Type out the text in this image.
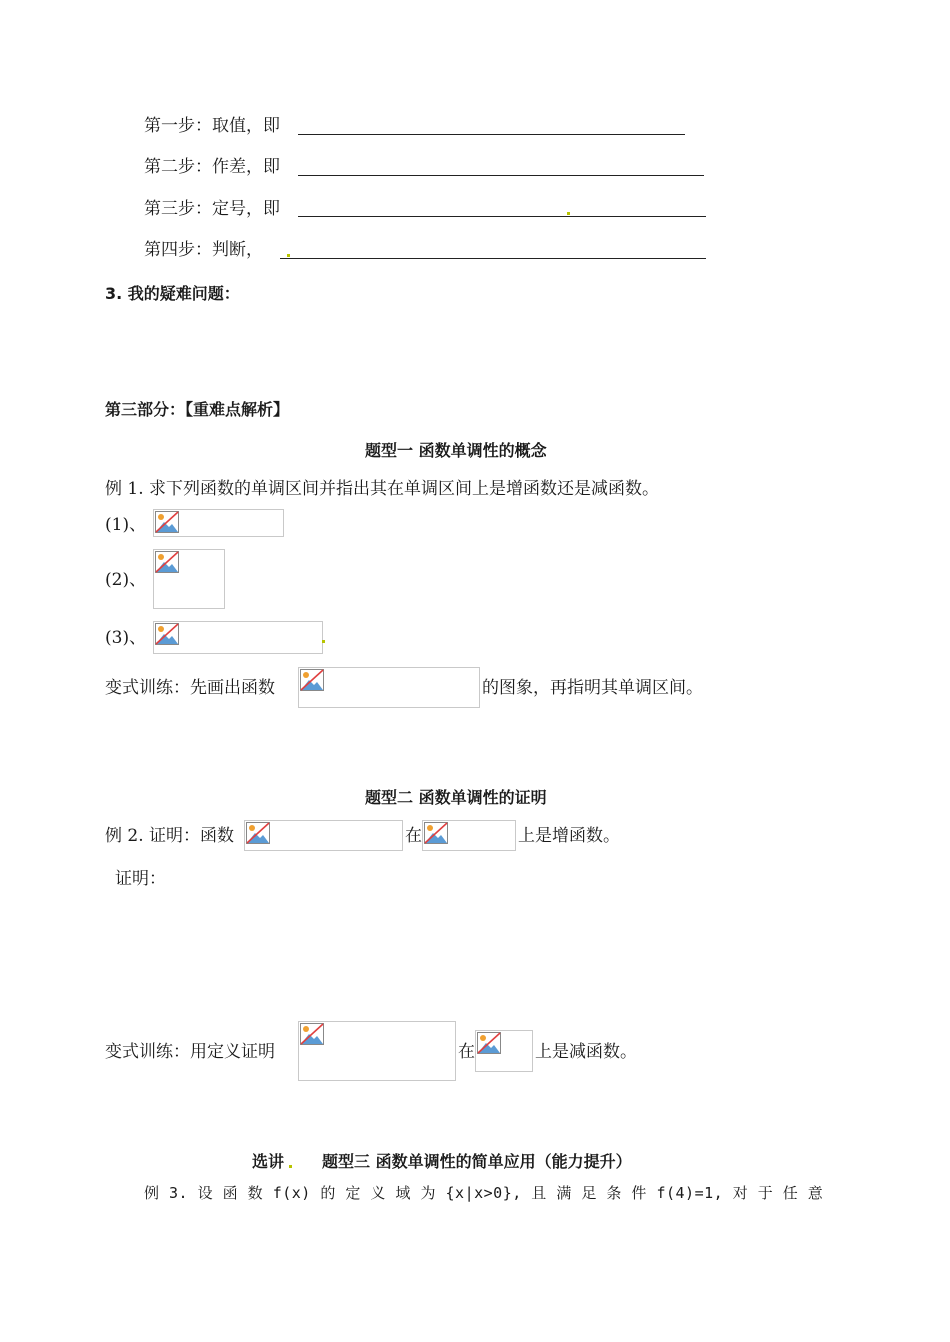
第一步：取值，即
第二步：作差，即
第三步：定号，即
第四步：判断，
3. 我的疑难问题：
第三部分：【重难点解析】
题型一 函数单调性的概念
例 1. 求下列函数的单调区间并指出其在单调区间上是增函数还是减函数。
(1)、
(2)、
(3)、
变式训练：先画出函数	的图象，再指明其单调区间。
题型二 函数单调性的证明
例 2. 证明：函数	在	上是增函数。
证明：
变式训练：用定义证明	在	上是减函数。
选讲 题型三 函数单调性的简单应用（能力提升）
例 3. 设 函 数 f(x) 的 定 义 域 为 {x|x>0}, 且 满 足 条 件 f(4)=1, 对 于 任 意
